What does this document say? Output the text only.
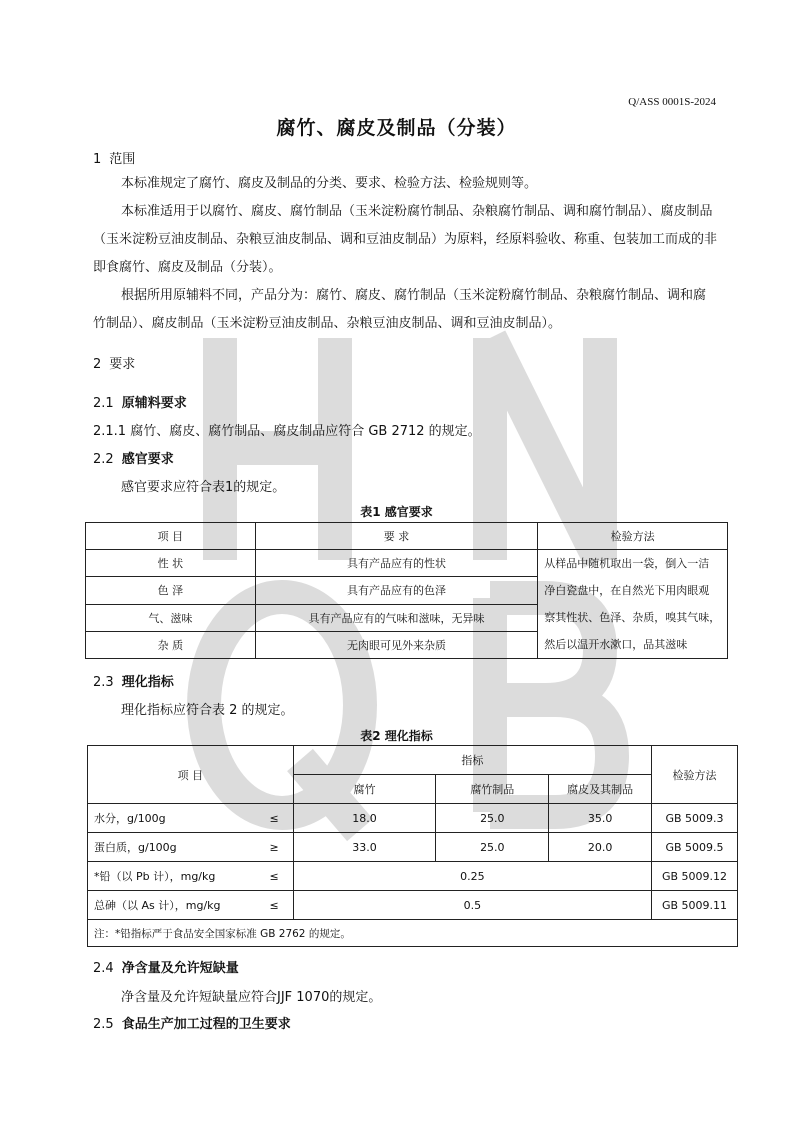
Q/ASS 0001S-2024
腐竹、腐皮及制品（分装）
1 范围
本标准规定了腐竹、腐皮及制品的分类、要求、检验方法、检验规则等。
本标准适用于以腐竹、腐皮、腐竹制品（玉米淀粉腐竹制品、杂粮腐竹制品、调和腐竹制品）、腐皮制品（玉米淀粉豆油皮制品、杂粮豆油皮制品、调和豆油皮制品）为原料，经原料验收、称重、包装加工而成的非即食腐竹、腐皮及制品（分装）。
根据所用原辅料不同，产品分为：腐竹、腐皮、腐竹制品（玉米淀粉腐竹制品、杂粮腐竹制品、调和腐竹制品）、腐皮制品（玉米淀粉豆油皮制品、杂粮豆油皮制品、调和豆油皮制品）。
2 要求
2.1 原辅料要求
2.1.1 腐竹、腐皮、腐竹制品、腐皮制品应符合 GB 2712 的规定。
2.2 感官要求
感官要求应符合表1的规定。
表1 感官要求
项 目	要 求	检验方法
性 状	具有产品应有的性状	从样品中随机取出一袋，倒入一洁
净白瓷盘中，在自然光下用肉眼观
察其性状、色泽、杂质，嗅其气味，
然后以温开水漱口，品其滋味

色 泽	具有产品应有的色泽	
气、滋味	具有产品应有的气味和滋味，无异味	
杂 质	无肉眼可见外来杂质	
2.3 理化指标
理化指标应符合表 2 的规定。
表2 理化指标
项 目		指标			检验方法
		腐竹	腐竹制品	腐皮及其制品	
水分，g/100g	≤	18.0	25.0	35.0	GB 5009.3
蛋白质，g/100g	≥	33.0	25.0	20.0	GB 5009.5
*铅（以 Pb 计），mg/kg	≤	0.25			GB 5009.12
总砷（以 As 计），mg/kg	≤	0.5			GB 5009.11
注：*铅指标严于食品安全国家标准 GB 2762 的规定。					
2.4 净含量及允许短缺量
净含量及允许短缺量应符合JJF 1070的规定。
2.5 食品生产加工过程的卫生要求
